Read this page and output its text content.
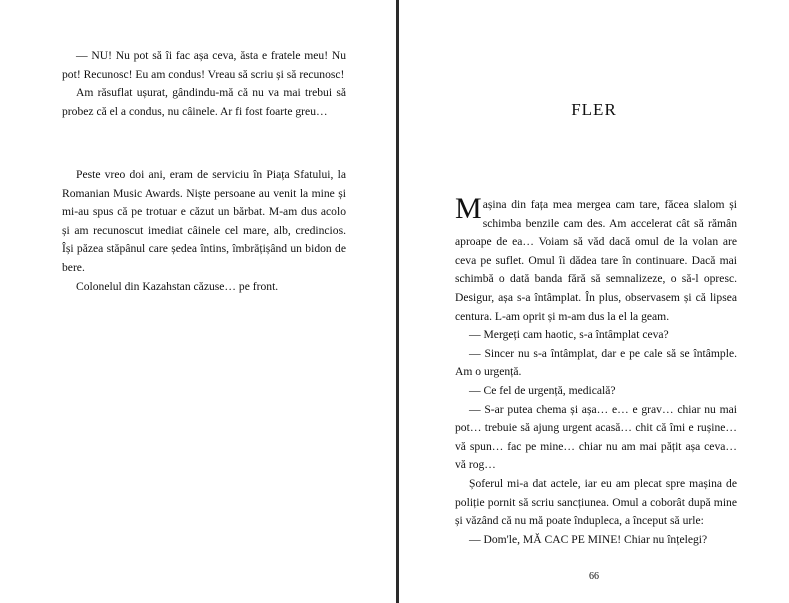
— NU! Nu pot să îi fac așa ceva, ăsta e fratele meu! Nu pot! Recunosc! Eu am condus! Vreau să scriu și să recunosc!

Am răsuflat ușurat, gândindu-mă că nu va mai trebui să probez că el a condus, nu câinele. Ar fi fost foarte greu…

Peste vreo doi ani, eram de serviciu în Piața Sfatului, la Romanian Music Awards. Niște persoane au venit la mine și mi-au spus că pe trotuar e căzut un bărbat. M-am dus acolo și am recunoscut imediat câinele cel mare, alb, credincios. Își păzea stăpânul care ședea întins, îmbrățișând un bidon de bere.

Colonelul din Kazahstan căzuse… pe front.

FLER

Mașina din fața mea mergea cam tare, făcea slalom și schimba benzile cam des. Am accelerat cât să rămân aproape de ea… Voiam să văd dacă omul de la volan are ceva pe suflet. Omul îi dădea tare în continuare. Dacă mai schimbă o dată banda fără să semnalizeze, o să-l opresc. Desigur, așa s-a întâmplat. În plus, observasem și că lipsea centura. L-am oprit și m-am dus la el la geam.

— Mergeți cam haotic, s-a întâmplat ceva?

— Sincer nu s-a întâmplat, dar e pe cale să se întâmple. Am o urgență.

— Ce fel de urgență, medicală?

— S-ar putea chema și așa… e… e grav… chiar nu mai pot… trebuie să ajung urgent acasă… chit că îmi e rușine… vă spun… fac pe mine… chiar nu am mai pățit așa ceva… vă rog…

Șoferul mi-a dat actele, iar eu am plecat spre mașina de poliție pornit să scriu sancțiunea. Omul a coborât după mine și văzând că nu mă poate îndupleca, a început să urle:

— Dom'le, MĂ CAC PE MINE! Chiar nu înțelegi?

66
